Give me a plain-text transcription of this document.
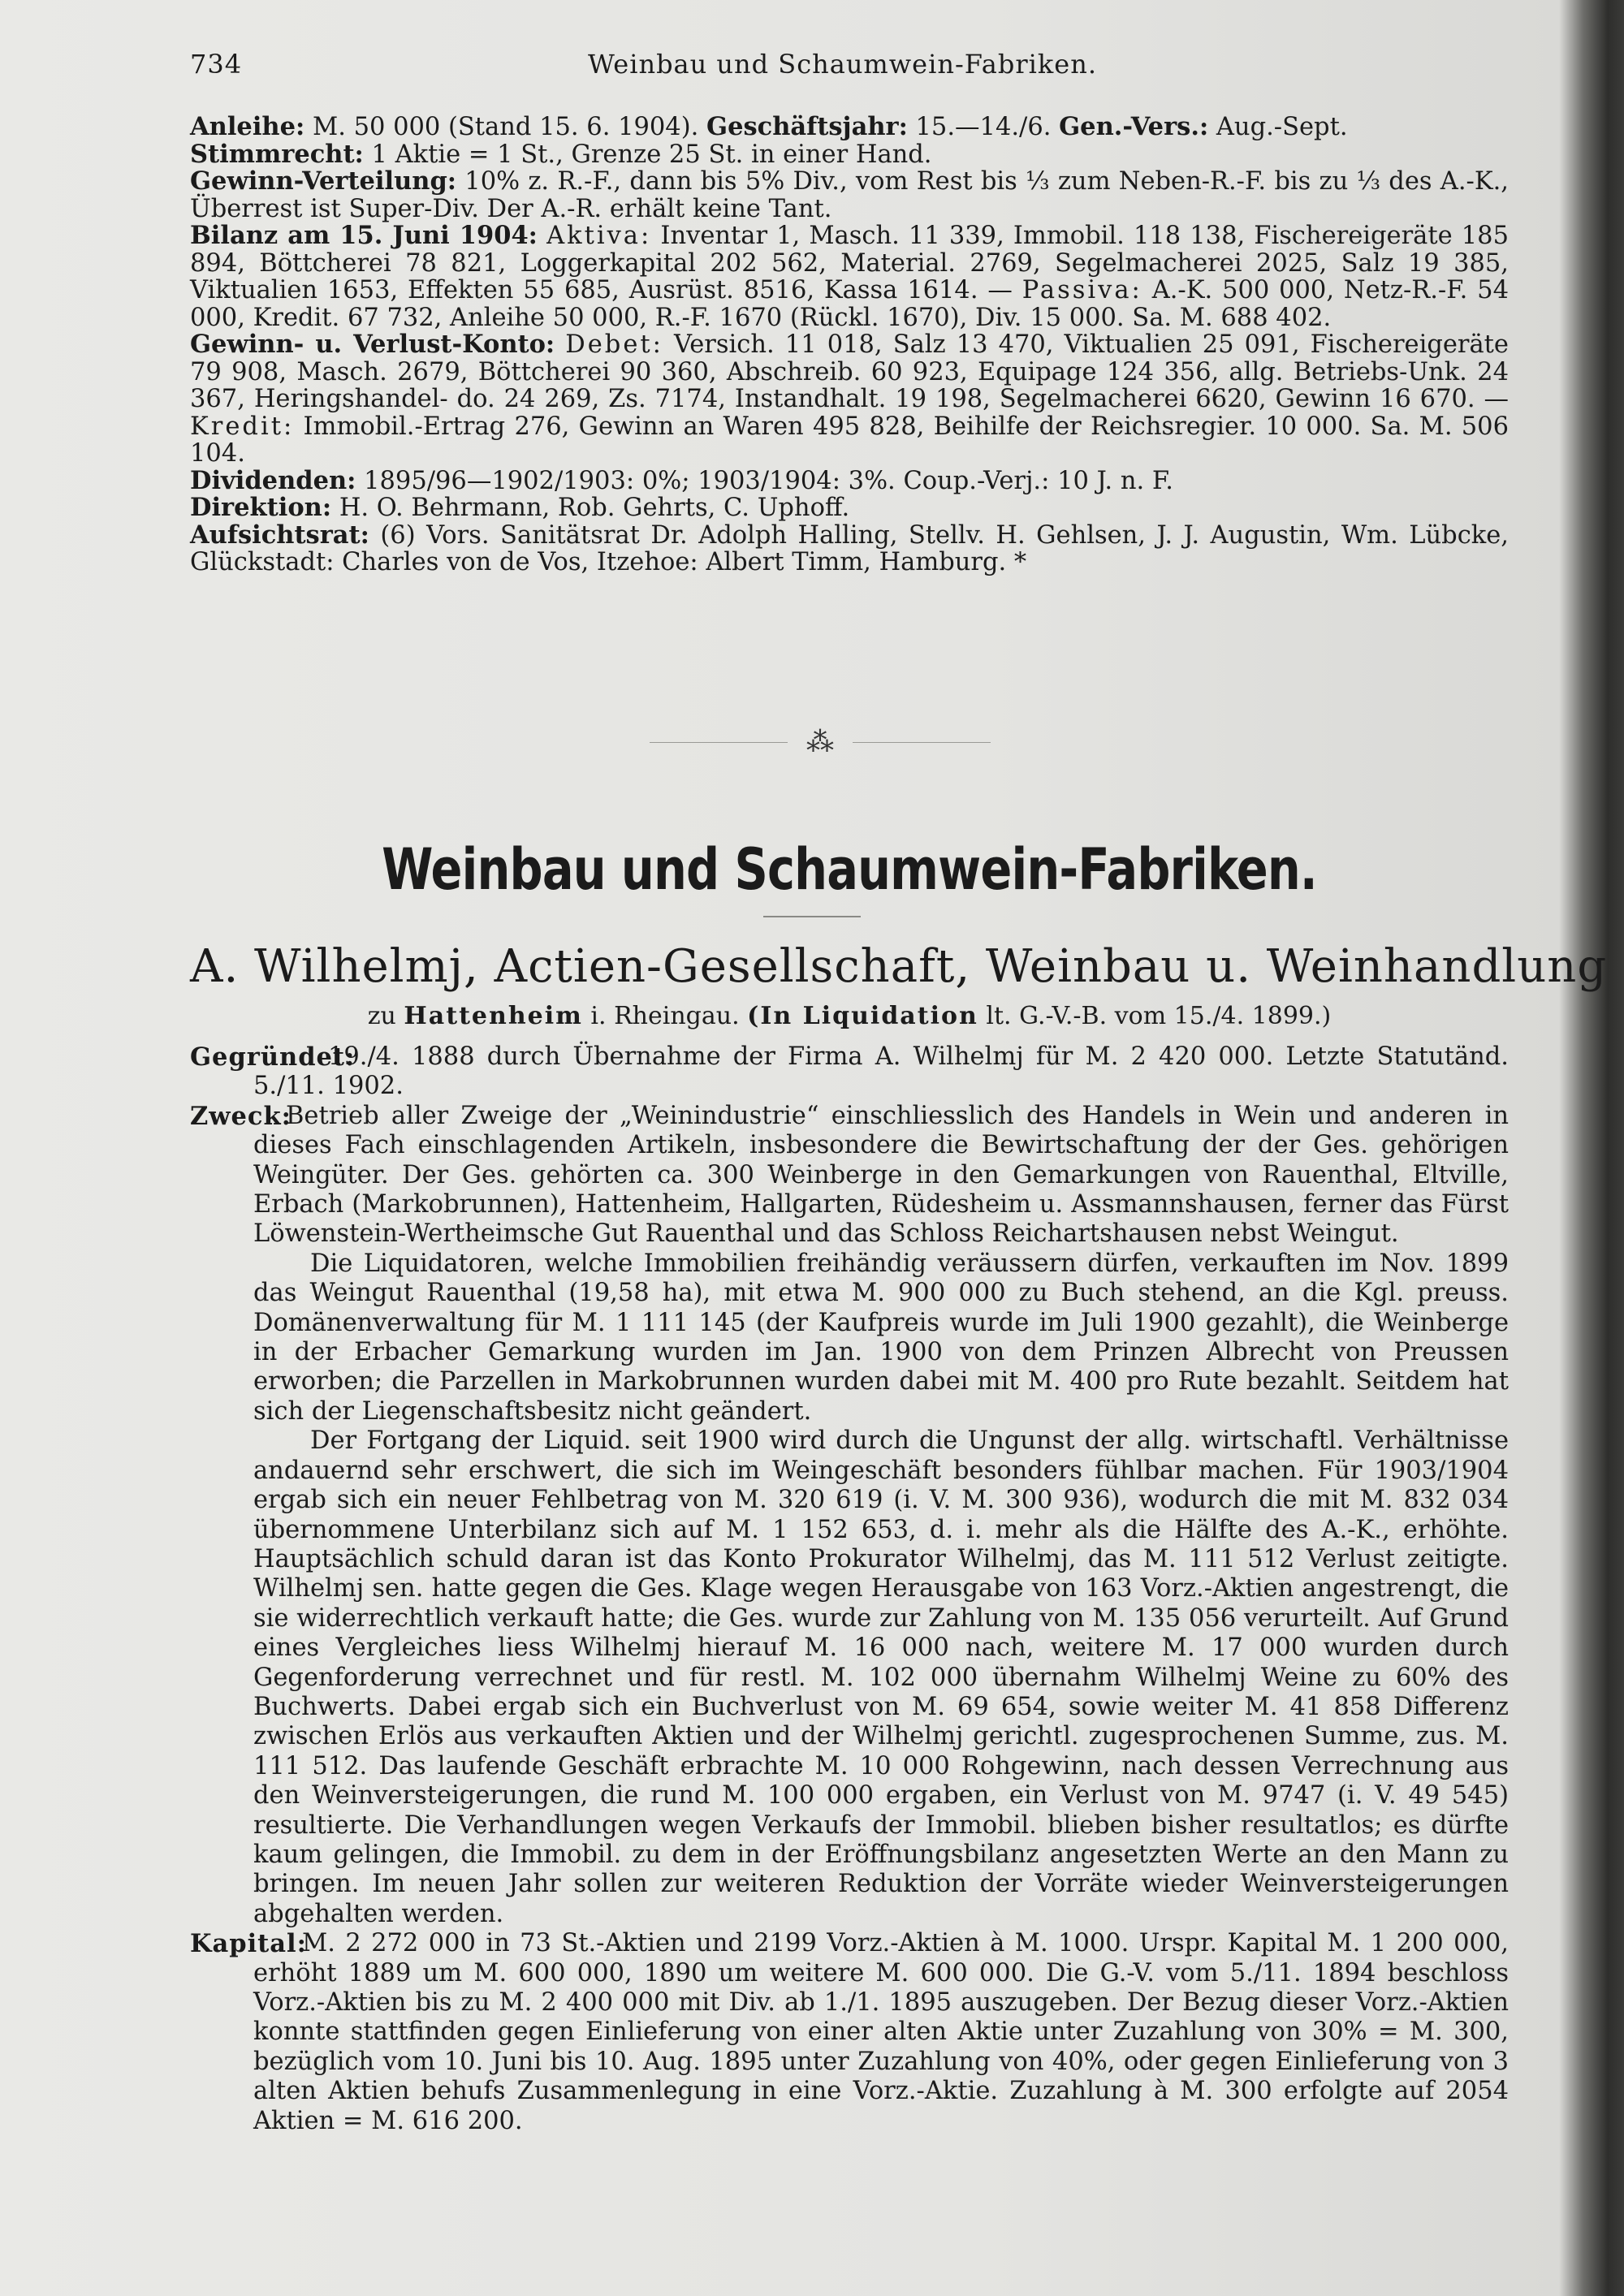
734	Weinbau und Schaumwein-Fabriken.

Anleihe: M. 50 000 (Stand 15. 6. 1904). Geschäftsjahr: 15.—14./6. Gen.-Vers.: Aug.-Sept.

Stimmrecht: 1 Aktie = 1 St., Grenze 25 St. in einer Hand.

Gewinn-Verteilung: 10% z. R.-F., dann bis 5% Div., vom Rest bis ⅓ zum Neben-R.-F. bis zu ⅓ des A.-K., Überrest ist Super-Div. Der A.-R. erhält keine Tant.

Bilanz am 15. Juni 1904: Aktiva: Inventar 1, Masch. 11 339, Immobil. 118 138, Fischereigeräte 185 894, Böttcherei 78 821, Loggerkapital 202 562, Material. 2769, Segelmacherei 2025, Salz 19 385, Viktualien 1653, Effekten 55 685, Ausrüst. 8516, Kassa 1614. — Passiva: A.-K. 500 000, Netz-R.-F. 54 000, Kredit. 67 732, Anleihe 50 000, R.-F. 1670 (Rückl. 1670), Div. 15 000. Sa. M. 688 402.

Gewinn- u. Verlust-Konto: Debet: Versich. 11 018, Salz 13 470, Viktualien 25 091, Fischereigeräte 79 908, Masch. 2679, Böttcherei 90 360, Abschreib. 60 923, Equipage 124 356, allg. Betriebs-Unk. 24 367, Heringshandel- do. 24 269, Zs. 7174, Instandhalt. 19 198, Segelmacherei 6620, Gewinn 16 670. — Kredit: Immobil.-Ertrag 276, Gewinn an Waren 495 828, Beihilfe der Reichsregier. 10 000. Sa. M. 506 104.

Dividenden: 1895/96—1902/1903: 0%; 1903/1904: 3%. Coup.-Verj.: 10 J. n. F.

Direktion: H. O. Behrmann, Rob. Gehrts, C. Uphoff.

Aufsichtsrat: (6) Vors. Sanitätsrat Dr. Adolph Halling, Stellv. H. Gehlsen, J. J. Augustin, Wm. Lübcke, Glückstadt: Charles von de Vos, Itzehoe: Albert Timm, Hamburg. *

⁂
Weinbau und Schaumwein-Fabriken.
A. Wilhelmj, Actien-Gesellschaft, Weinbau u. Weinhandlung
zu Hattenheim i. Rheingau. (In Liquidation lt. G.-V.-B. vom 15./4. 1899.)
Gegründet:
19./4. 1888 durch Übernahme der Firma A. Wilhelmj für M. 2 420 000. Letzte Statutänd. 5./11. 1902.
Zweck:
Betrieb aller Zweige der „Weinindustrie“ einschliesslich des Handels in Wein und anderen in dieses Fach einschlagenden Artikeln, insbesondere die Bewirtschaftung der der Ges. gehörigen Weingüter. Der Ges. gehörten ca. 300 Weinberge in den Gemarkungen von Rauenthal, Eltville, Erbach (Markobrunnen), Hattenheim, Hallgarten, Rüdesheim u. Assmannshausen, ferner das Fürst Löwenstein-Wertheimsche Gut Rauenthal und das Schloss Reichartshausen nebst Weingut.

Die Liquidatoren, welche Immobilien freihändig veräussern dürfen, verkauften im Nov. 1899 das Weingut Rauenthal (19,58 ha), mit etwa M. 900 000 zu Buch stehend, an die Kgl. preuss. Domänenverwaltung für M. 1 111 145 (der Kaufpreis wurde im Juli 1900 gezahlt), die Weinberge in der Erbacher Gemarkung wurden im Jan. 1900 von dem Prinzen Albrecht von Preussen erworben; die Parzellen in Markobrunnen wurden dabei mit M. 400 pro Rute bezahlt. Seitdem hat sich der Liegenschaftsbesitz nicht geändert.

Der Fortgang der Liquid. seit 1900 wird durch die Ungunst der allg. wirtschaftl. Verhältnisse andauernd sehr erschwert, die sich im Weingeschäft besonders fühlbar machen. Für 1903/1904 ergab sich ein neuer Fehlbetrag von M. 320 619 (i. V. M. 300 936), wodurch die mit M. 832 034 übernommene Unterbilanz sich auf M. 1 152 653, d. i. mehr als die Hälfte des A.-K., erhöhte. Hauptsächlich schuld daran ist das Konto Prokurator Wilhelmj, das M. 111 512 Verlust zeitigte. Wilhelmj sen. hatte gegen die Ges. Klage wegen Herausgabe von 163 Vorz.-Aktien angestrengt, die sie widerrechtlich verkauft hatte; die Ges. wurde zur Zahlung von M. 135 056 verurteilt. Auf Grund eines Vergleiches liess Wilhelmj hierauf M. 16 000 nach, weitere M. 17 000 wurden durch Gegenforderung verrechnet und für restl. M. 102 000 übernahm Wilhelmj Weine zu 60% des Buchwerts. Dabei ergab sich ein Buchverlust von M. 69 654, sowie weiter M. 41 858 Differenz zwischen Erlös aus verkauften Aktien und der Wilhelmj gerichtl. zugesprochenen Summe, zus. M. 111 512. Das laufende Geschäft erbrachte M. 10 000 Rohgewinn, nach dessen Verrechnung aus den Weinversteigerungen, die rund M. 100 000 ergaben, ein Verlust von M. 9747 (i. V. 49 545) resultierte. Die Verhandlungen wegen Verkaufs der Immobil. blieben bisher resultatlos; es dürfte kaum gelingen, die Immobil. zu dem in der Eröffnungsbilanz angesetzten Werte an den Mann zu bringen. Im neuen Jahr sollen zur weiteren Reduktion der Vorräte wieder Weinversteigerungen abgehalten werden.

Kapital:
M. 2 272 000 in 73 St.-Aktien und 2199 Vorz.-Aktien à M. 1000. Urspr. Kapital M. 1 200 000, erhöht 1889 um M. 600 000, 1890 um weitere M. 600 000. Die G.-V. vom 5./11. 1894 beschloss Vorz.-Aktien bis zu M. 2 400 000 mit Div. ab 1./1. 1895 auszugeben. Der Bezug dieser Vorz.-Aktien konnte stattfinden gegen Einlieferung von einer alten Aktie unter Zuzahlung von 30% = M. 300, bezüglich vom 10. Juni bis 10. Aug. 1895 unter Zuzahlung von 40%, oder gegen Einlieferung von 3 alten Aktien behufs Zusammenlegung in eine Vorz.-Aktie. Zuzahlung à M. 300 erfolgte auf 2054 Aktien = M. 616 200.
